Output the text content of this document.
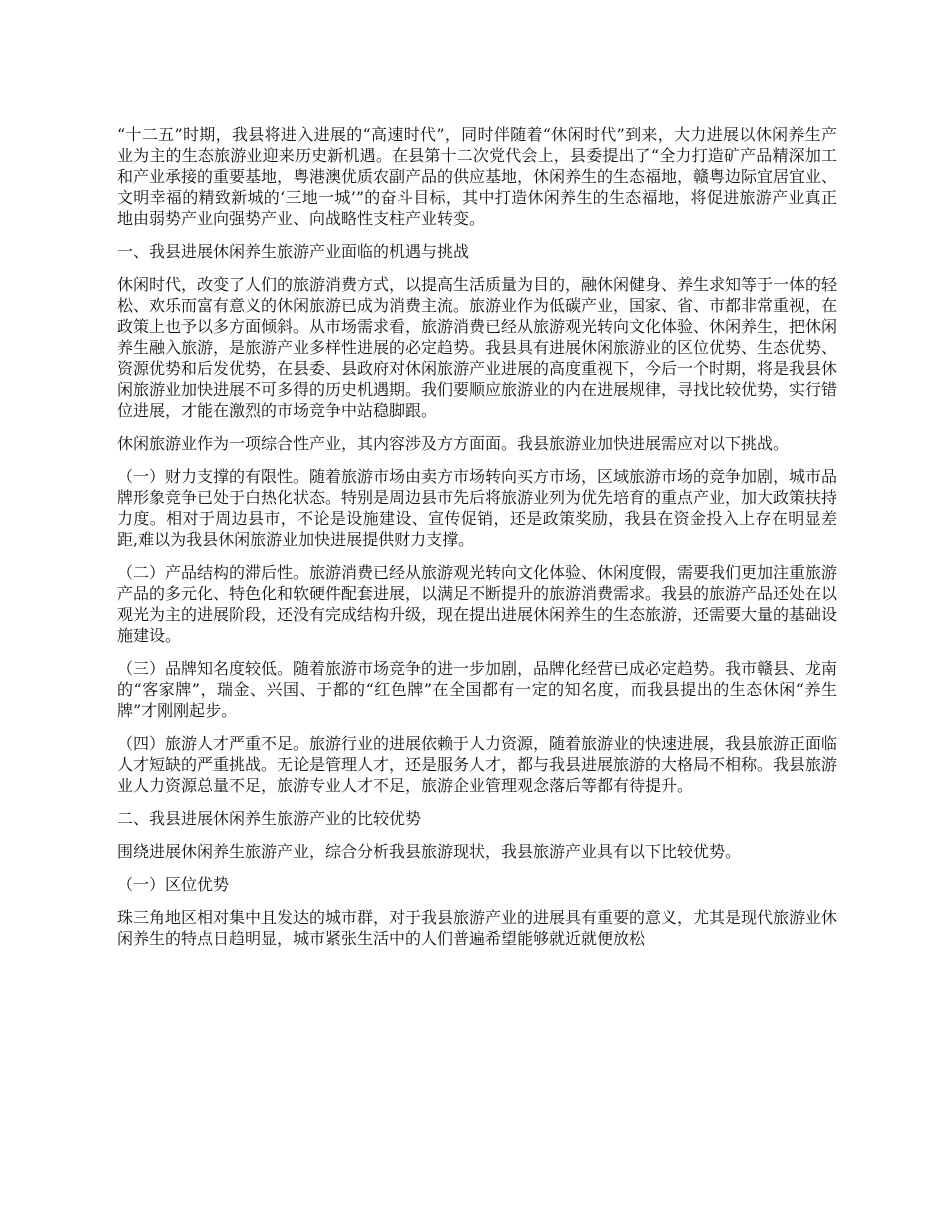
“十二五”时期，我县将进入进展的“高速时代”，同时伴随着“休闲时代”到来，大力进展以休闲养生产业为主的生态旅游业迎来历史新机遇。在县第十二次党代会上，县委提出了“全力打造矿产品精深加工和产业承接的重要基地，粤港澳优质农副产品的供应基地，休闲养生的生态福地，赣粤边际宜居宜业、文明幸福的精致新城的‘三地一城’”的奋斗目标，其中打造休闲养生的生态福地，将促进旅游产业真正地由弱势产业向强势产业、向战略性支柱产业转变。

一、我县进展休闲养生旅游产业面临的机遇与挑战

休闲时代，改变了人们的旅游消费方式，以提高生活质量为目的，融休闲健身、养生求知等于一体的轻松、欢乐而富有意义的休闲旅游已成为消费主流。旅游业作为低碳产业，国家、省、市都非常重视，在政策上也予以多方面倾斜。从市场需求看，旅游消费已经从旅游观光转向文化体验、休闲养生，把休闲养生融入旅游，是旅游产业多样性进展的必定趋势。我县具有进展休闲旅游业的区位优势、生态优势、资源优势和后发优势，在县委、县政府对休闲旅游产业进展的高度重视下，今后一个时期，将是我县休闲旅游业加快进展不可多得的历史机遇期。我们要顺应旅游业的内在进展规律，寻找比较优势，实行错位进展，才能在激烈的市场竞争中站稳脚跟。

休闲旅游业作为一项综合性产业，其内容涉及方方面面。我县旅游业加快进展需应对以下挑战。

（一）财力支撑的有限性。随着旅游市场由卖方市场转向买方市场，区域旅游市场的竞争加剧，城市品牌形象竞争已处于白热化状态。特别是周边县市先后将旅游业列为优先培育的重点产业，加大政策扶持力度。相对于周边县市，不论是设施建设、宣传促销，还是政策奖励，我县在资金投入上存在明显差距,难以为我县休闲旅游业加快进展提供财力支撑。

（二）产品结构的滞后性。旅游消费已经从旅游观光转向文化体验、休闲度假，需要我们更加注重旅游产品的多元化、特色化和软硬件配套进展，以满足不断提升的旅游消费需求。我县的旅游产品还处在以观光为主的进展阶段，还没有完成结构升级，现在提出进展休闲养生的生态旅游，还需要大量的基础设施建设。

（三）品牌知名度较低。随着旅游市场竞争的进一步加剧，品牌化经营已成必定趋势。我市赣县、龙南的“客家牌”，瑞金、兴国、于都的“红色牌”在全国都有一定的知名度，而我县提出的生态休闲“养生牌”才刚刚起步。

（四）旅游人才严重不足。旅游行业的进展依赖于人力资源，随着旅游业的快速进展，我县旅游正面临人才短缺的严重挑战。无论是管理人才，还是服务人才，都与我县进展旅游的大格局不相称。我县旅游业人力资源总量不足，旅游专业人才不足，旅游企业管理观念落后等都有待提升。

二、我县进展休闲养生旅游产业的比较优势

围绕进展休闲养生旅游产业，综合分析我县旅游现状，我县旅游产业具有以下比较优势。

（一）区位优势

珠三角地区相对集中且发达的城市群，对于我县旅游产业的进展具有重要的意义，尤其是现代旅游业休闲养生的特点日趋明显，城市紧张生活中的人们普遍希望能够就近就便放松
